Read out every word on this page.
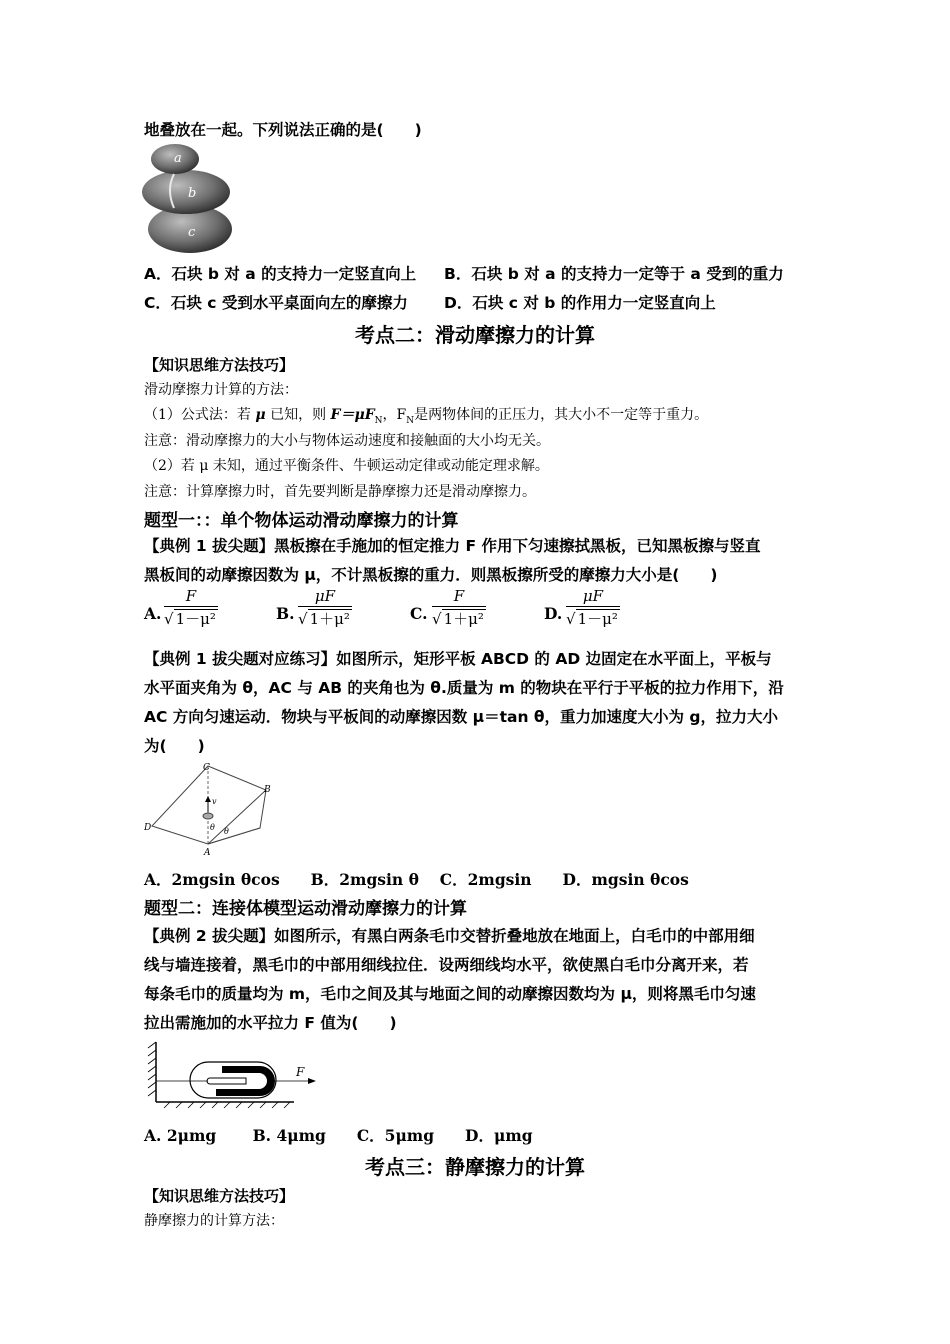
地叠放在一起。下列说法正确的是(　　)
a
b
c
A．石块 b 对 a 的支持力一定竖直向上 B．石块 b 对 a 的支持力一定等于 a 受到的重力
C．石块 c 受到水平桌面向左的摩擦力 D．石块 c 对 b 的作用力一定竖直向上
考点二：滑动摩擦力的计算
【知识思维方法技巧】
滑动摩擦力计算的方法：
（1）公式法：若 μ 已知，则 $F=\mu F_N$，$F_N$是两物体间的正压力，其大小不一定等于重力。
注意：滑动摩擦力的大小与物体运动速度和接触面的大小均无关。
（2）若 μ 未知，通过平衡条件、牛顿运动定律或动能定理求解。
注意：计算摩擦力时，首先要判断是静摩擦力还是滑动摩擦力。
题型一：：单个物体运动滑动摩擦力的计算
【典例 1 拔尖题】黑板擦在手施加的恒定推力 F 作用下匀速擦拭黑板，已知黑板擦与竖直
黑板间的动摩擦因数为 μ，不计黑板擦的重力．则黑板擦所受的摩擦力大小是(　　)
A. $\frac{F}{\text{√ 1－μ²}}$	B. $\frac{\mu F}{\text{√ 1＋μ²}}$	C. $\frac{F}{\text{√ 1＋μ²}}$	D. $\frac{\mu F}{\text{√ 1－μ²}}$
【典例 1 拔尖题对应练习】如图所示，矩形平板 ABCD 的 AD 边固定在水平面上，平板与
水平面夹角为 θ，AC 与 AB 的夹角也为 θ.质量为 m 的物块在平行于平板的拉力作用下，沿
AC 方向匀速运动．物块与平板间的动摩擦因数 μ＝tan θ，重力加速度大小为 g，拉力大小
为(　　)
C
B
D
A
v
θ θ
A．2mgsin θcos　　B．2mgsin θ　 C．2mgsin　　D．mgsin θcos
题型二：连接体模型运动滑动摩擦力的计算
【典例 2 拔尖题】如图所示，有黑白两条毛巾交替折叠地放在地面上，白毛巾的中部用细
线与墙连接着，黑毛巾的中部用细线拉住．设两细线均水平，欲使黑白毛巾分离开来，若
每条毛巾的质量均为 m，毛巾之间及其与地面之间的动摩擦因数均为 μ，则将黑毛巾匀速
拉出需施加的水平拉力 F 值为(　　)
F
A. 2μmg　　 B. 4μmg　　C．5μmg　　D．μmg
考点三：静摩擦力的计算
【知识思维方法技巧】
静摩擦力的计算方法：
